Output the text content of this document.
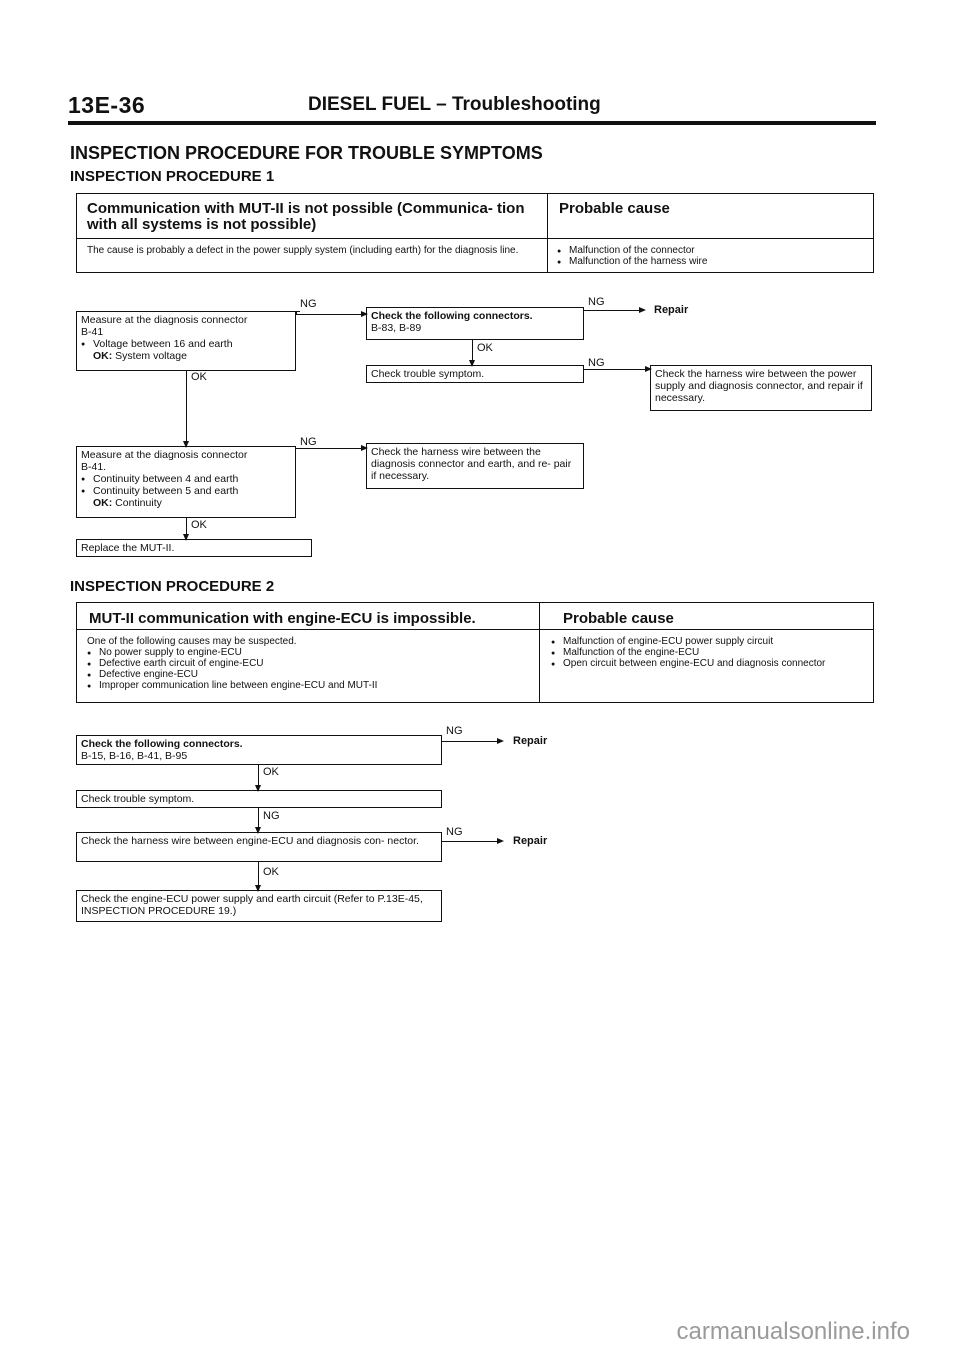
13E-36	DIESEL FUEL – Troubleshooting
INSPECTION PROCEDURE FOR TROUBLE SYMPTOMS
INSPECTION PROCEDURE 1
Communication with MUT-II is not possible (Communica- tion with all systems is not possible)
Probable cause
The cause is probably a defect in the power supply system (including earth) for the diagnosis line.
●	Malfunction of the connector
● Malfunction of the harness wire
Measure at the diagnosis connector
B-41
● Voltage between 16 and earth
OK: System voltage
NG
Check the following connectors.
B-83, B-89
NG
Repair
OK
Check trouble symptom.
NG
Check the harness wire between the power supply and diagnosis connector, and repair if necessary.
OK
Measure at the diagnosis connector
B-41.
● Continuity between 4 and earth
● Continuity between 5 and earth
OK: Continuity
NG
Check the harness wire between the diagnosis connector and earth, and re- pair if necessary.
OK
Replace the MUT-II.
INSPECTION PROCEDURE 2
MUT-II communication with engine-ECU is impossible.	Probable cause
One of the following causes may be suspected.
● No power supply to engine-ECU
● Defective earth circuit of engine-ECU
● Defective engine-ECU
● Improper communication line between engine-ECU and MUT-II
● Malfunction of engine-ECU power supply circuit
● Malfunction of the engine-ECU
● Open circuit between engine-ECU and diagnosis connector
Check the following connectors.
B-15, B-16, B-41, B-95
NG
Repair
OK
Check trouble symptom.
NG
Check the harness wire between engine-ECU and diagnosis con- nector.
NG
Repair
OK
Check the engine-ECU power supply and earth circuit (Refer to P.13E-45, INSPECTION PROCEDURE 19.)
carmanualsonline.info
